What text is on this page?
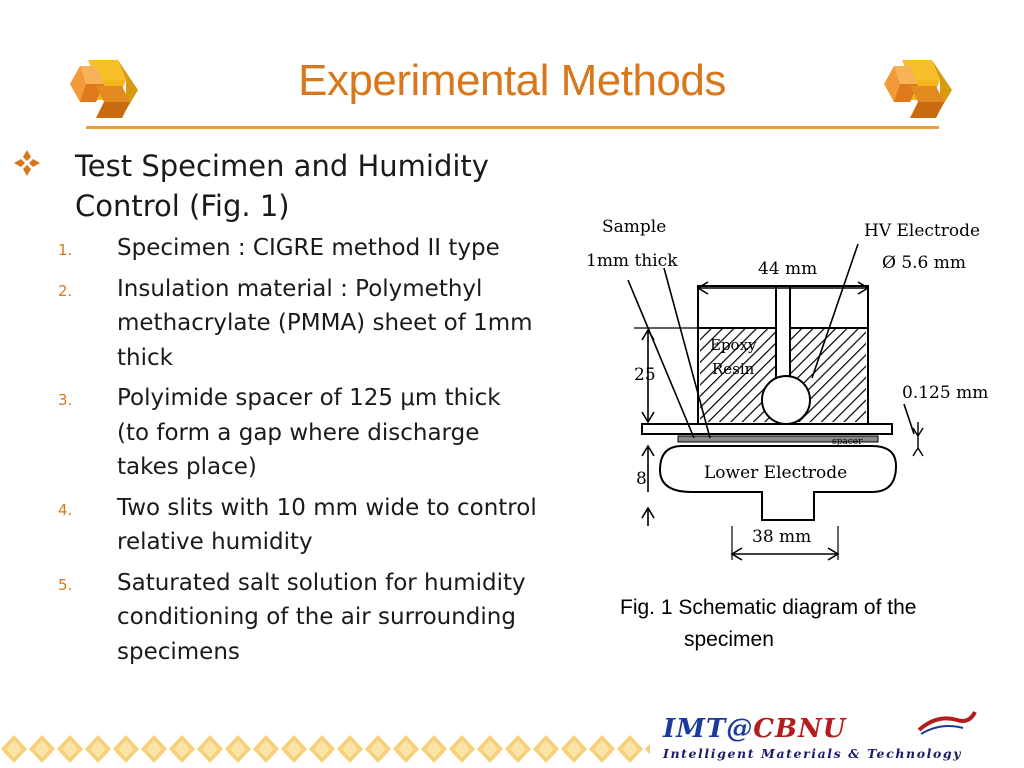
Experimental Methods
Test Specimen and Humidity Control (Fig. 1)
1. Specimen : CIGRE method II type
2. Insulation material : Polymethyl methacrylate (PMMA) sheet of 1mm thick
3. Polyimide spacer of 125 μm thick (to form a gap where discharge takes place)
4. Two slits with 10 mm wide to control relative humidity
5. Saturated salt solution for humidity conditioning of the air surrounding specimens
Sample
1mm thick
HV Electrode
Ø 5.6 mm
44 mm
Epoxy
Resin
25
0.125 mm
spacer
Lower Electrode
8
38 mm
Fig. 1 Schematic diagram of the
specimen
IMT@CBNU
Intelligent Materials & Technology
